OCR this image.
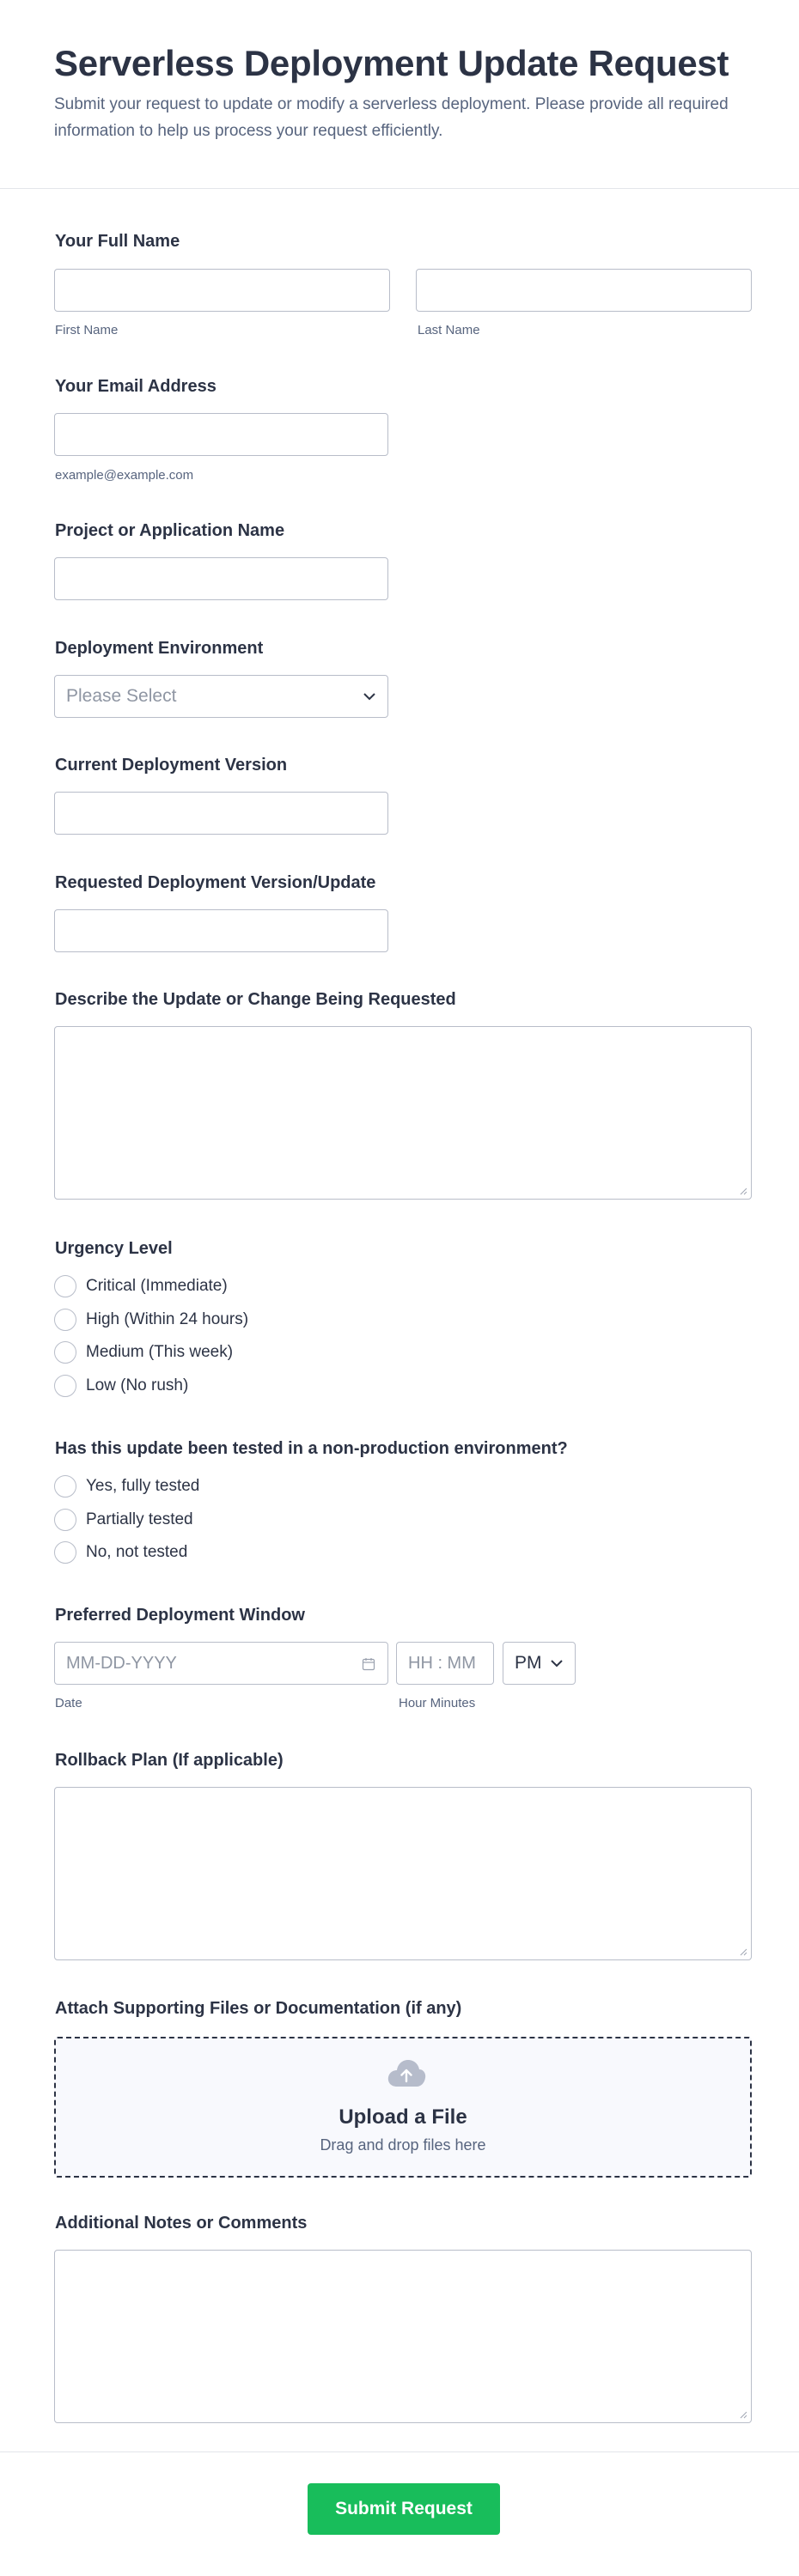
Serverless Deployment Update Request
Submit your request to update or modify a serverless deployment. Please provide all required information to help us process your request efficiently.
Your Full Name
First Name	Last Name
Your Email Address
example@example.com
Project or Application Name
Deployment Environment
Please Select
Current Deployment Version
Requested Deployment Version/Update
Describe the Update or Change Being Requested
Urgency Level
Critical (Immediate)
High (Within 24 hours)
Medium (This week)
Low (No rush)
Has this update been tested in a non-production environment?
Yes, fully tested
Partially tested
No, not tested
Preferred Deployment Window
MM-DD-YYYY	HH : MM PM
Date	Hour Minutes
Rollback Plan (If applicable)
Attach Supporting Files or Documentation (if any)
Upload a File
Drag and drop files here
Additional Notes or Comments
Submit Request
